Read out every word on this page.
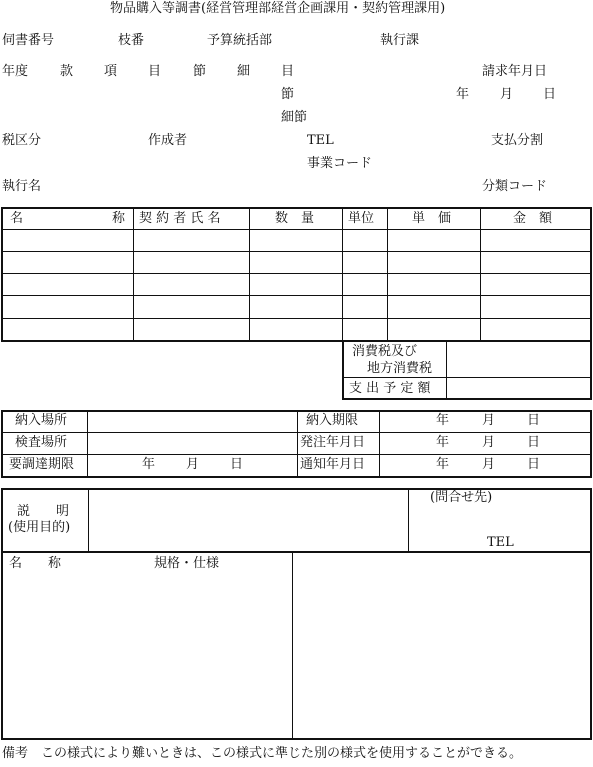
物品購入等調書(経営管理部経営企画課用・契約管理課用)
伺書番号	枝番	予算統括部	執行課
年度 款 項 目 節 細 目	請求年月日
節	年 月 日
細節
税区分	作成者	TEL	支払分割
事業コード
執行名	分類コード
名	称 契 約 者 氏 名	数　量	単位	単　価	金　額
消費税及び
地方消費税
支 出 予 定 額
納入場所	納入期限	年	月 日
検査場所	発注年月日	年	月 日
要調達期限	年 月 日	通知年月日	年	月 日
説　　明
(使用目的)
(問合せ先)
TEL
名　　称	規格・仕様
備考　この様式により難いときは、この様式に準じた別の様式を使用することができる。
